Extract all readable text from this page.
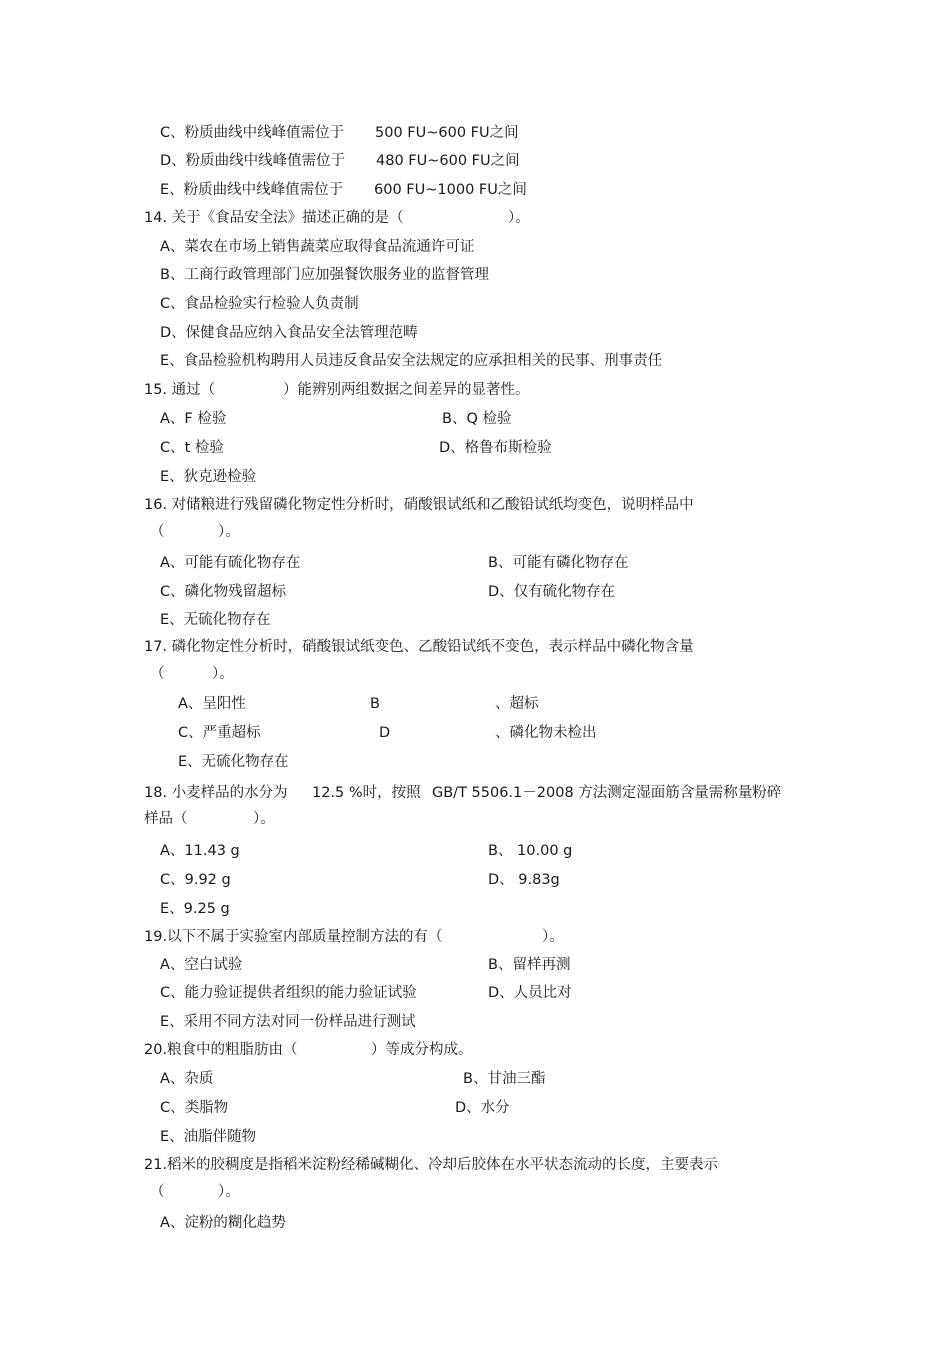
C、粉质曲线中线峰值需位于 500 FU~600 FU之间
D、粉质曲线中线峰值需位于 480 FU~600 FU之间
E、粉质曲线中线峰值需位于 600 FU~1000 FU之间
14. 关于《食品安全法》描述正确的是（	）。
A、菜农在市场上销售蔬菜应取得食品流通许可证
B、工商行政管理部门应加强餐饮服务业的监督管理
C、食品检验实行检验人负责制
D、保健食品应纳入食品安全法管理范畴
E、食品检验机构聘用人员违反食品安全法规定的应承担相关的民事、刑事责任
15. 通过（	）能辨别两组数据之间差异的显著性。
A、F 检验	B、Q 检验
C、t 检验	D、格鲁布斯检验
E、狄克逊检验
16. 对储粮进行残留磷化物定性分析时，硝酸银试纸和乙酸铅试纸均变色，说明样品中
（	）。
A、可能有硫化物存在	B、可能有磷化物存在
C、磷化物残留超标	D、仅有硫化物存在
E、无硫化物存在
17. 磷化物定性分析时，硝酸银试纸变色、乙酸铅试纸不变色，表示样品中磷化物含量
（	）。
A、呈阳性	B	、超标
C、严重超标	D	、磷化物未检出
E、无硫化物存在
18. 小麦样品的水分为 12.5 %时，按照 GB/T 5506.1－2008 方法测定湿面筋含量需称量粉碎
样品（	）。
A、11.43 g	B、 10.00 g
C、9.92 g	D、 9.83g
E、9.25 g
19.以下不属于实验室内部质量控制方法的有（	）。
A、空白试验	B、留样再测
C、能力验证提供者组织的能力验证试验	D、人员比对
E、采用不同方法对同一份样品进行测试
20.粮食中的粗脂肪由（	）等成分构成。
A、杂质	B、甘油三酯
C、类脂物	D、水分
E、油脂伴随物
21.稻米的胶稠度是指稻米淀粉经稀碱糊化、冷却后胶体在水平状态流动的长度，主要表示
（	）。
A、淀粉的糊化趋势
